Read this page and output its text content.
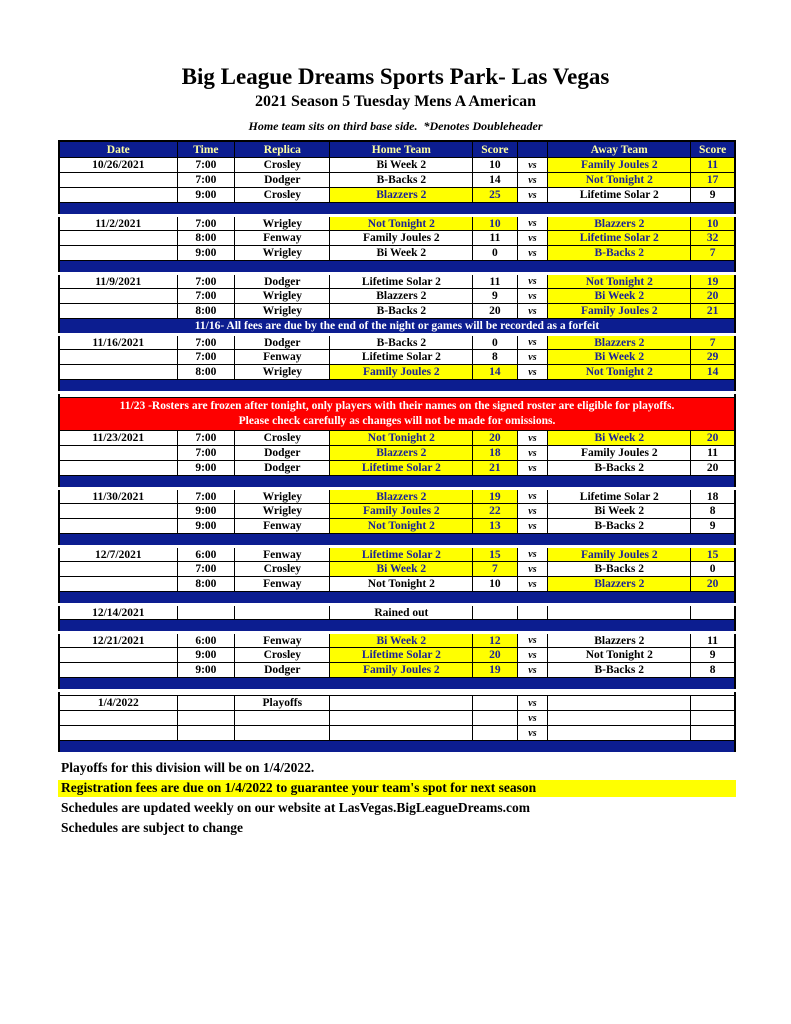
Big League Dreams Sports Park- Las Vegas
2021 Season 5 Tuesday Mens A American
Home team sits on third base side.  *Denotes Doubleheader
Date	Time	Replica	Home Team	Score		Away Team	Score
10/26/2021	7:00	Crosley	Bi Week 2	10	vs	Family Joules 2	11
	7:00	Dodger	B-Backs 2	14	vs	Not Tonight 2	17
	9:00	Crosley	Blazzers 2	25	vs	Lifetime Solar 2	9

11/2/2021	7:00	Wrigley	Not Tonight 2	10	vs	Blazzers 2	10
	8:00	Fenway	Family Joules 2	11	vs	Lifetime Solar 2	32
	9:00	Wrigley	Bi Week 2	0	vs	B-Backs 2	7

11/9/2021	7:00	Dodger	Lifetime Solar 2	11	vs	Not Tonight 2	19
	7:00	Wrigley	Blazzers 2	9	vs	Bi Week 2	20
	8:00	Wrigley	B-Backs 2	20	vs	Family Joules 2	21
11/16- All fees are due by the end of the night or games will be recorded as a forfeit							
11/16/2021	7:00	Dodger	B-Backs 2	0	vs	Blazzers 2	7
	7:00	Fenway	Lifetime Solar 2	8	vs	Bi Week 2	29
	8:00	Wrigley	Family Joules 2	14	vs	Not Tonight 2	14

11/23 -Rosters are frozen after tonight, only players with their names on the signed roster are eligible for playoffs.
Please check carefully as changes will not be made for omissions.							

11/23/2021	7:00	Crosley	Not Tonight 2	20	vs	Bi Week 2	20
	7:00	Dodger	Blazzers 2	18	vs	Family Joules 2	11
	9:00	Dodger	Lifetime Solar 2	21	vs	B-Backs 2	20

11/30/2021	7:00	Wrigley	Blazzers 2	19	vs	Lifetime Solar 2	18
	9:00	Wrigley	Family Joules 2	22	vs	Bi Week 2	8
	9:00	Fenway	Not Tonight 2	13	vs	B-Backs 2	9

12/7/2021	6:00	Fenway	Lifetime Solar 2	15	vs	Family Joules 2	15
	7:00	Crosley	Bi Week 2	7	vs	B-Backs 2	0
	8:00	Fenway	Not Tonight 2	10	vs	Blazzers 2	20

12/14/2021			Rained out				

12/21/2021	6:00	Fenway	Bi Week 2	12	vs	Blazzers 2	11
	9:00	Crosley	Lifetime Solar 2	20	vs	Not Tonight 2	9
	9:00	Dodger	Family Joules 2	19	vs	B-Backs 2	8

1/4/2022		Playoffs			vs		
					vs		
					vs		

Playoffs for this division will be on 1/4/2022.
Registration fees are due on 1/4/2022 to guarantee your team's spot for next season
Schedules are updated weekly on our website at LasVegas.BigLeagueDreams.com
Schedules are subject to change
